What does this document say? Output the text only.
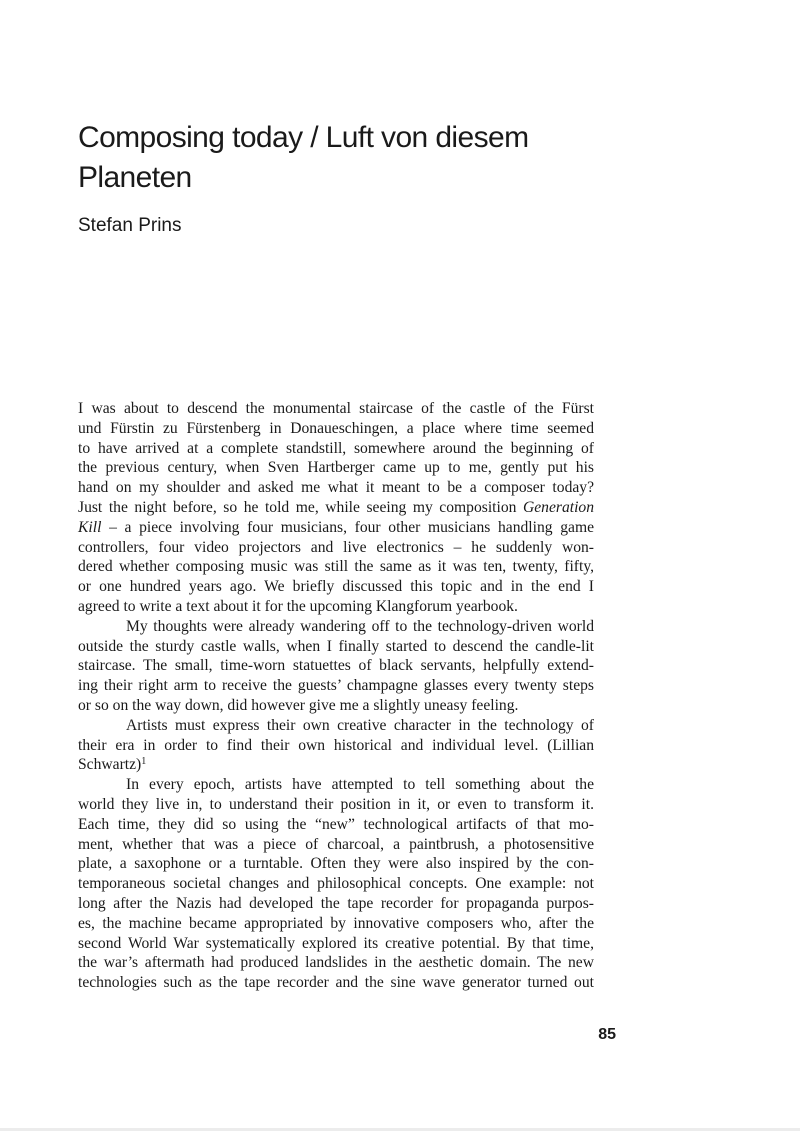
Composing today / Luft von diesem
Planeten
Stefan Prins
I was about to descend the monumental staircase of the castle of the Fürst
und Fürstin zu Fürstenberg in Donaueschingen, a place where time seemed
to have arrived at a complete standstill, somewhere around the beginning of
the previous century, when Sven Hartberger came up to me, gently put his
hand on my shoulder and asked me what it meant to be a composer today?
Just the night before, so he told me, while seeing my composition Generation
Kill – a piece involving four musicians, four other musicians handling game
controllers, four video projectors and live electronics – he suddenly won-
dered whether composing music was still the same as it was ten, twenty, fifty,
or one hundred years ago. We briefly discussed this topic and in the end I
agreed to write a text about it for the upcoming Klangforum yearbook.
My thoughts were already wandering off to the technology-driven world
outside the sturdy castle walls, when I finally started to descend the candle-lit
staircase. The small, time-worn statuettes of black servants, helpfully extend-
ing their right arm to receive the guests’ champagne glasses every twenty steps
or so on the way down, did however give me a slightly uneasy feeling.
Artists must express their own creative character in the technology of
their era in order to find their own historical and individual level. (Lillian
Schwartz)$^1$
In every epoch, artists have attempted to tell something about the
world they live in, to understand their position in it, or even to transform it.
Each time, they did so using the “new” technological artifacts of that mo-
ment, whether that was a piece of charcoal, a paintbrush, a photosensitive
plate, a saxophone or a turntable. Often they were also inspired by the con-
temporaneous societal changes and philosophical concepts. One example: not
long after the Nazis had developed the tape recorder for propaganda purpos-
es, the machine became appropriated by innovative composers who, after the
second World War systematically explored its creative potential. By that time,
the war’s aftermath had produced landslides in the aesthetic domain. The new
technologies such as the tape recorder and the sine wave generator turned out
85
